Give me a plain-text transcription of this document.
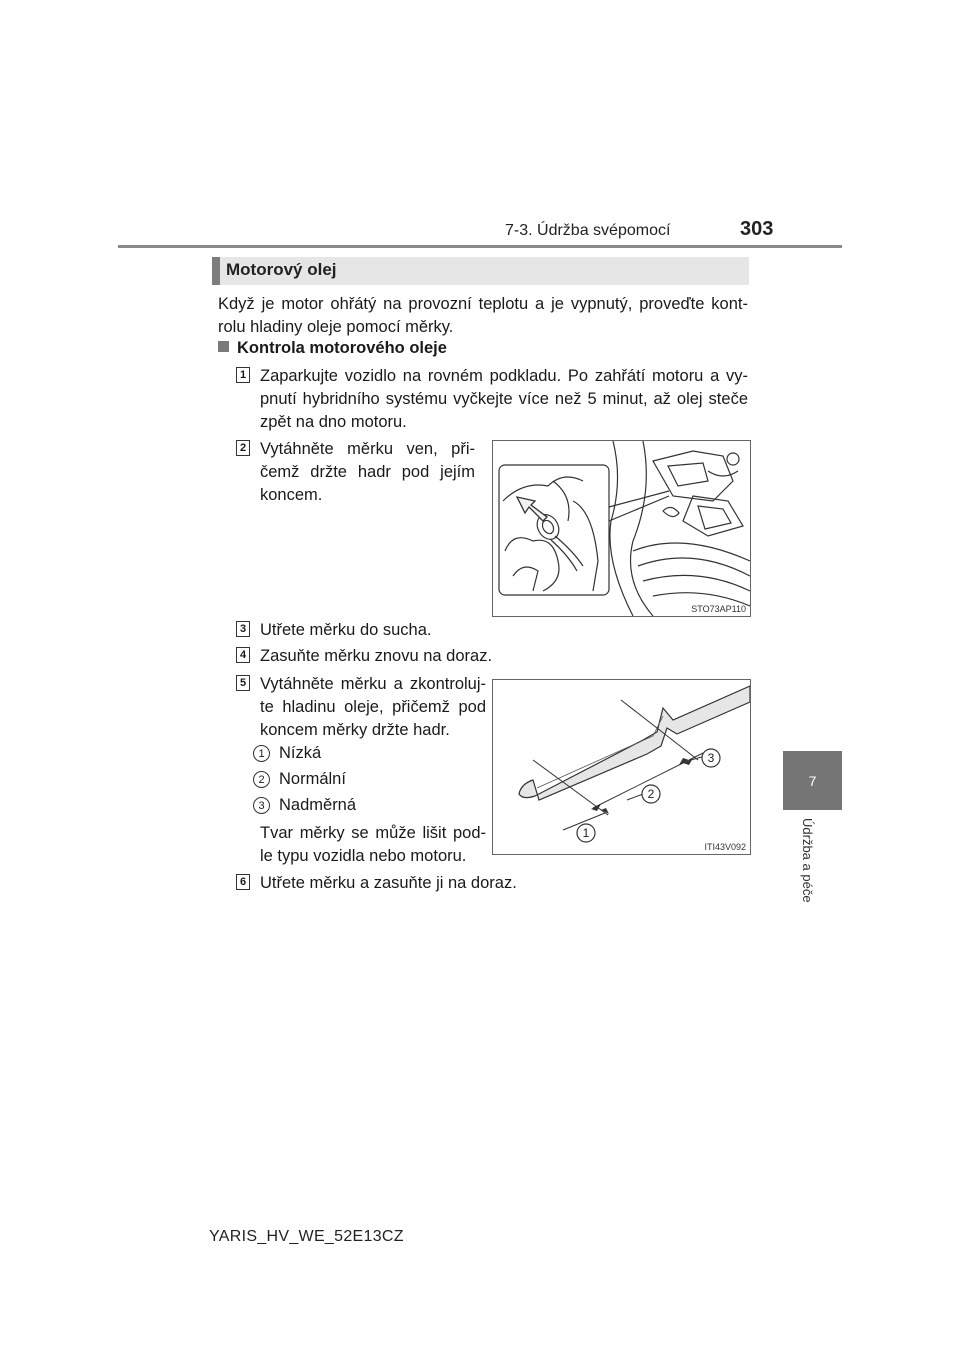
7-3. Údržba svépomocí	303
7
Údržba a péče
Motorový olej
Když je motor ohřátý na provozní teplotu a je vypnutý, proveďte kont-rolu hladiny oleje pomocí měrky.
Kontrola motorového oleje
1 Zaparkujte vozidlo na rovném podkladu. Po zahřátí motoru a vy-
pnutí hybridního systému vyčkejte více než 5 minut, až olej steče
zpět na dno motoru.
2 Vytáhněte měrku ven, při-
čemž držte hadr pod jejím
koncem.
STO73AP110
3 Utřete měrku do sucha.
4 Zasuňte měrku znovu na doraz.
5 Vytáhněte měrku a zkontroluj-
te hladinu oleje, přičemž pod
koncem měrky držte hadr.
1 Nízká
2 Normální
3 Nadměrná
Tvar měrky se může lišit pod-
le typu vozidla nebo motoru.
1
2
3
ITI43V092
6 Utřete měrku a zasuňte ji na doraz.
YARIS_HV_WE_52E13CZ
